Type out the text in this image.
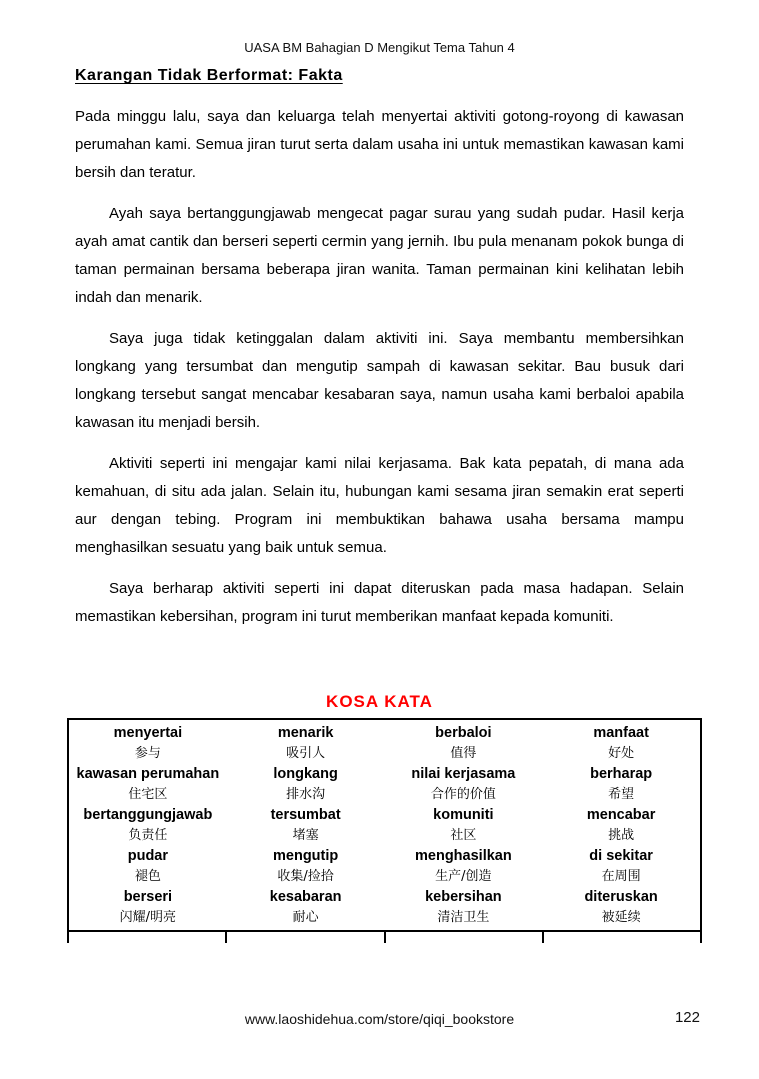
UASA BM Bahagian D Mengikut Tema Tahun 4
Karangan Tidak Berformat: Fakta

Pada minggu lalu, saya dan keluarga telah menyertai aktiviti gotong-royong di kawasan perumahan kami. Semua jiran turut serta dalam usaha ini untuk memastikan kawasan kami bersih dan teratur.

Ayah saya bertanggungjawab mengecat pagar surau yang sudah pudar. Hasil kerja ayah amat cantik dan berseri seperti cermin yang jernih. Ibu pula menanam pokok bunga di taman permainan bersama beberapa jiran wanita. Taman permainan kini kelihatan lebih indah dan menarik.

Saya juga tidak ketinggalan dalam aktiviti ini. Saya membantu membersihkan longkang yang tersumbat dan mengutip sampah di kawasan sekitar. Bau busuk dari longkang tersebut sangat mencabar kesabaran saya, namun usaha kami berbaloi apabila kawasan itu menjadi bersih.

Aktiviti seperti ini mengajar kami nilai kerjasama. Bak kata pepatah, di mana ada kemahuan, di situ ada jalan. Selain itu, hubungan kami sesama jiran semakin erat seperti aur dengan tebing. Program ini membuktikan bahawa usaha bersama mampu menghasilkan sesuatu yang baik untuk semua.

Saya berharap aktiviti seperti ini dapat diteruskan pada masa hadapan. Selain memastikan kebersihan, program ini turut memberikan manfaat kepada komuniti.

KOSA KATA
menyertai
参与
menarik
吸引人
berbaloi
值得
manfaat
好处
kawasan perumahan
住宅区
longkang
排水沟
nilai kerjasama
合作的价值
berharap
希望
bertanggungjawab
负责任
tersumbat
堵塞
komuniti
社区
mencabar
挑战
pudar
褪色
mengutip
收集/捡拾
menghasilkan
生产/创造
di sekitar
在周围
berseri
闪耀/明亮
kesabaran
耐心
kebersihan
清洁卫生
diteruskan
被延续
www.laoshidehua.com/store/qiqi_bookstore	122
